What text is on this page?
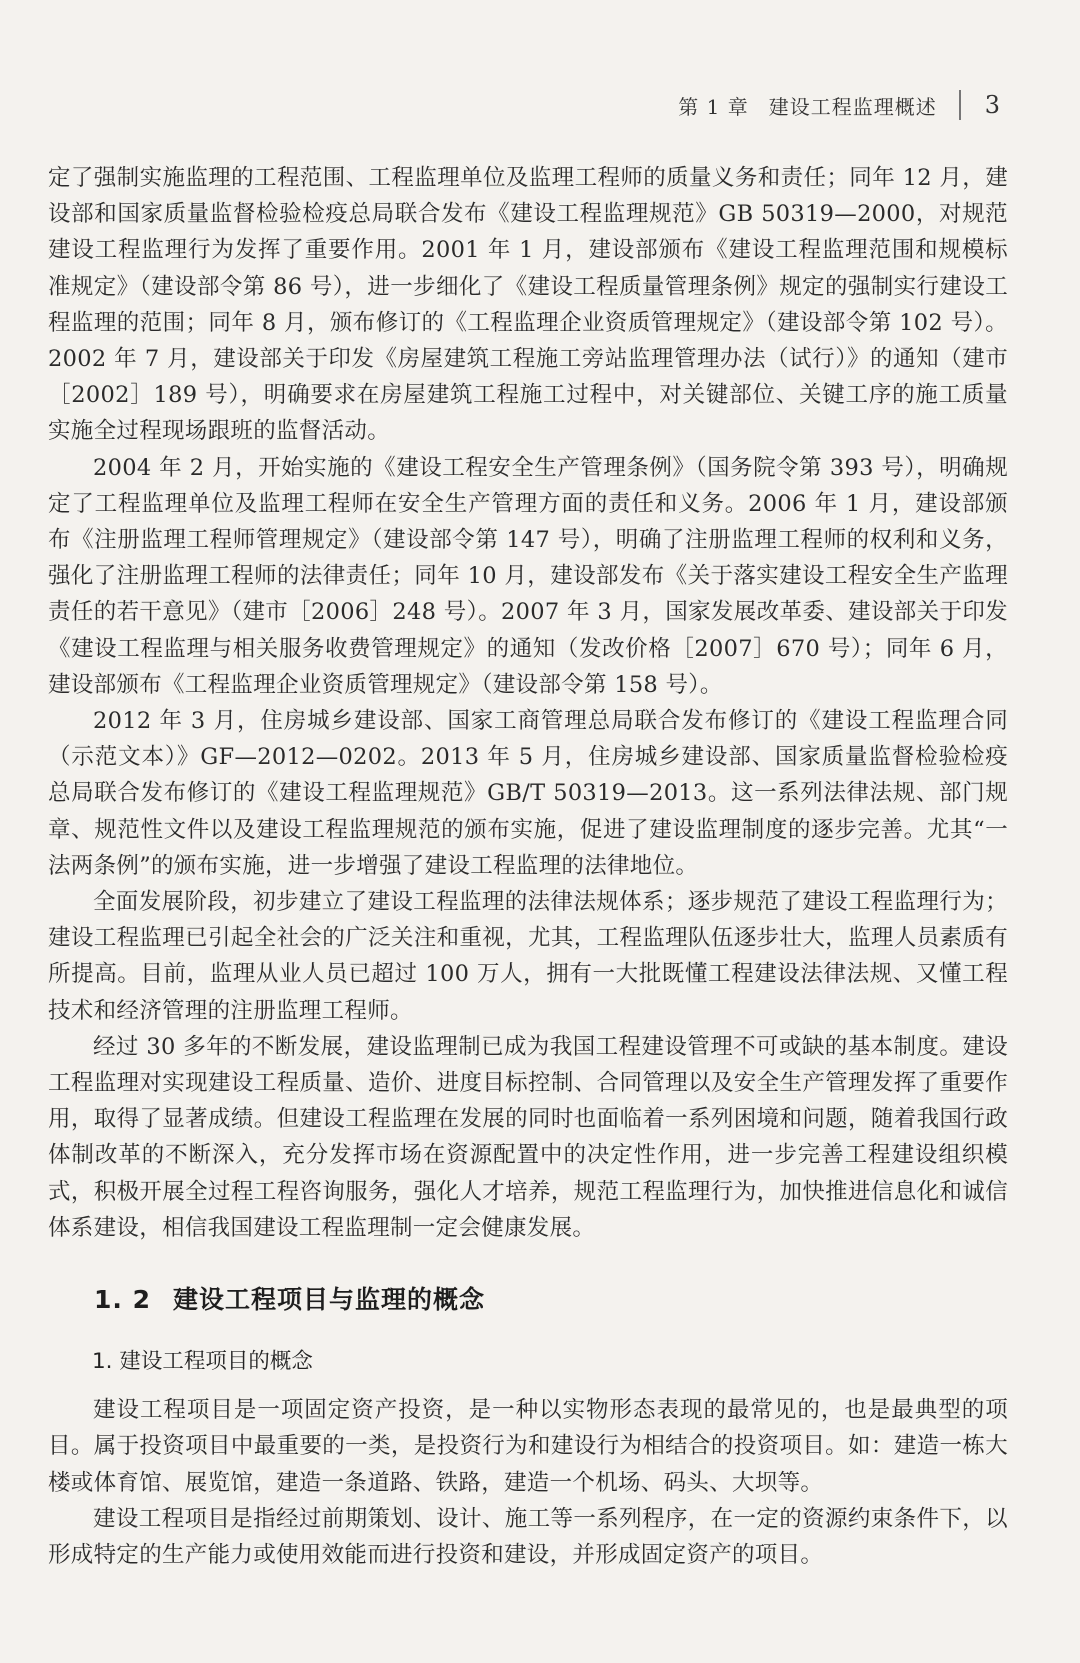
第 1 章 建设工程监理概述 3

定了强制实施监理的工程范围、工程监理单位及监理工程师的质量义务和责任；同年 12 月，建设部和国家质量监督检验检疫总局联合发布《建设工程监理规范》GB 50319—2000，对规范建设工程监理行为发挥了重要作用。2001 年 1 月，建设部颁布《建设工程监理范围和规模标准规定》（建设部令第 86 号），进一步细化了《建设工程质量管理条例》规定的强制实行建设工程监理的范围；同年 8 月，颁布修订的《工程监理企业资质管理规定》（建设部令第 102 号）。2002 年 7 月，建设部关于印发《房屋建筑工程施工旁站监理管理办法（试行）》的通知（建市［2002］189 号），明确要求在房屋建筑工程施工过程中，对关键部位、关键工序的施工质量实施全过程现场跟班的监督活动。

2004 年 2 月，开始实施的《建设工程安全生产管理条例》（国务院令第 393 号），明确规定了工程监理单位及监理工程师在安全生产管理方面的责任和义务。2006 年 1 月，建设部颁布《注册监理工程师管理规定》（建设部令第 147 号），明确了注册监理工程师的权利和义务，强化了注册监理工程师的法律责任；同年 10 月，建设部发布《关于落实建设工程安全生产监理责任的若干意见》（建市［2006］248 号）。2007 年 3 月，国家发展改革委、建设部关于印发《建设工程监理与相关服务收费管理规定》的通知（发改价格［2007］670 号）；同年 6 月，建设部颁布《工程监理企业资质管理规定》（建设部令第 158 号）。

2012 年 3 月，住房城乡建设部、国家工商管理总局联合发布修订的《建设工程监理合同（示范文本）》GF—2012—0202。2013 年 5 月，住房城乡建设部、国家质量监督检验检疫总局联合发布修订的《建设工程监理规范》GB/T 50319—2013。这一系列法律法规、部门规章、规范性文件以及建设工程监理规范的颁布实施，促进了建设监理制度的逐步完善。尤其“一法两条例”的颁布实施，进一步增强了建设工程监理的法律地位。

全面发展阶段，初步建立了建设工程监理的法律法规体系；逐步规范了建设工程监理行为；建设工程监理已引起全社会的广泛关注和重视，尤其，工程监理队伍逐步壮大，监理人员素质有所提高。目前，监理从业人员已超过 100 万人，拥有一大批既懂工程建设法律法规、又懂工程技术和经济管理的注册监理工程师。

经过 30 多年的不断发展，建设监理制已成为我国工程建设管理不可或缺的基本制度。建设工程监理对实现建设工程质量、造价、进度目标控制、合同管理以及安全生产管理发挥了重要作用，取得了显著成绩。但建设工程监理在发展的同时也面临着一系列困境和问题，随着我国行政体制改革的不断深入，充分发挥市场在资源配置中的决定性作用，进一步完善工程建设组织模式，积极开展全过程工程咨询服务，强化人才培养，规范工程监理行为，加快推进信息化和诚信体系建设，相信我国建设工程监理制一定会健康发展。

1. 2 建设工程项目与监理的概念
1. 建设工程项目的概念

建设工程项目是一项固定资产投资，是一种以实物形态表现的最常见的，也是最典型的项目。属于投资项目中最重要的一类，是投资行为和建设行为相结合的投资项目。如：建造一栋大楼或体育馆、展览馆，建造一条道路、铁路，建造一个机场、码头、大坝等。

建设工程项目是指经过前期策划、设计、施工等一系列程序，在一定的资源约束条件下，以形成特定的生产能力或使用效能而进行投资和建设，并形成固定资产的项目。
